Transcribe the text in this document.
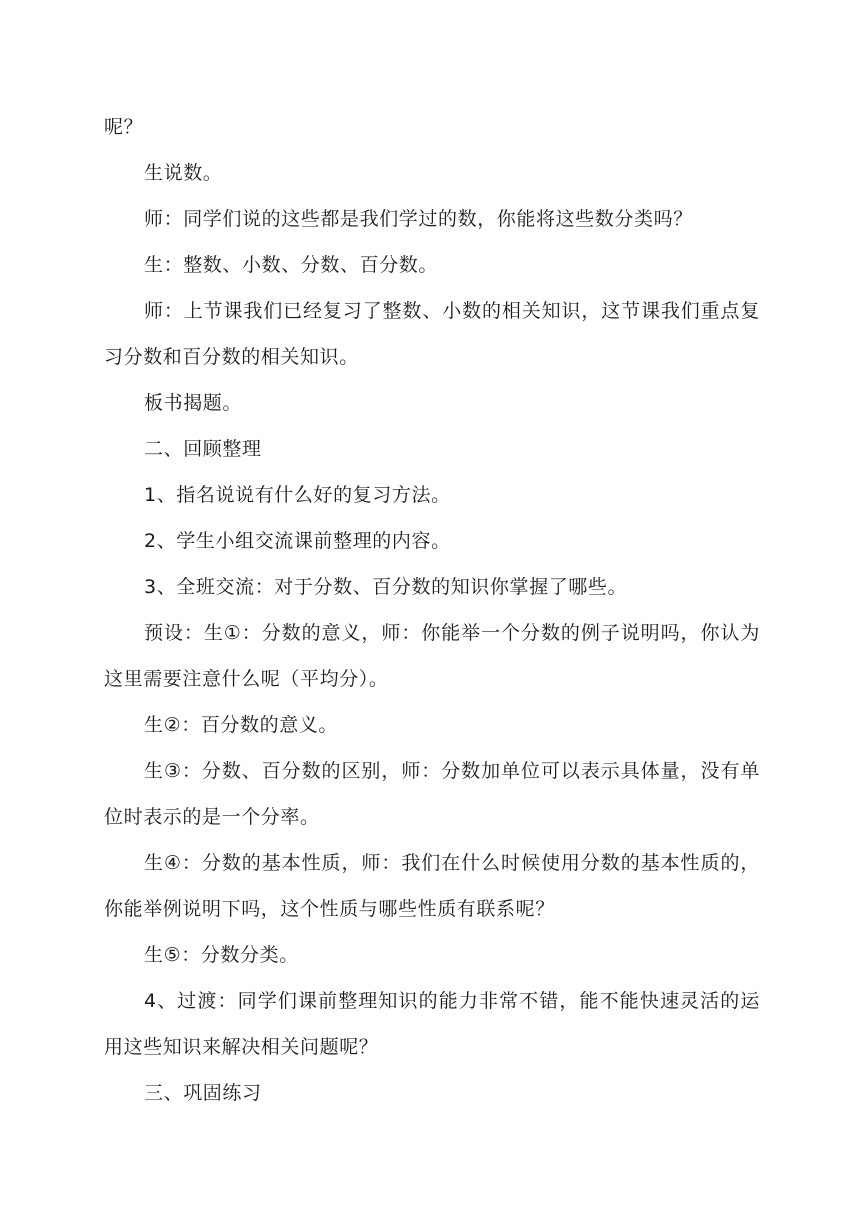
呢？

生说数。

师：同学们说的这些都是我们学过的数，你能将这些数分类吗？

生：整数、小数、分数、百分数。

师：上节课我们已经复习了整数、小数的相关知识，这节课我们重点复习分数和百分数的相关知识。

板书揭题。

二、回顾整理

1、指名说说有什么好的复习方法。

2、学生小组交流课前整理的内容。

3、全班交流：对于分数、百分数的知识你掌握了哪些。

预设：生①：分数的意义，师：你能举一个分数的例子说明吗，你认为这里需要注意什么呢（平均分）。

生②：百分数的意义。

生③：分数、百分数的区别，师：分数加单位可以表示具体量，没有单位时表示的是一个分率。

生④：分数的基本性质，师：我们在什么时候使用分数的基本性质的，你能举例说明下吗，这个性质与哪些性质有联系呢？

生⑤：分数分类。

4、过渡：同学们课前整理知识的能力非常不错，能不能快速灵活的运用这些知识来解决相关问题呢？

三、巩固练习
